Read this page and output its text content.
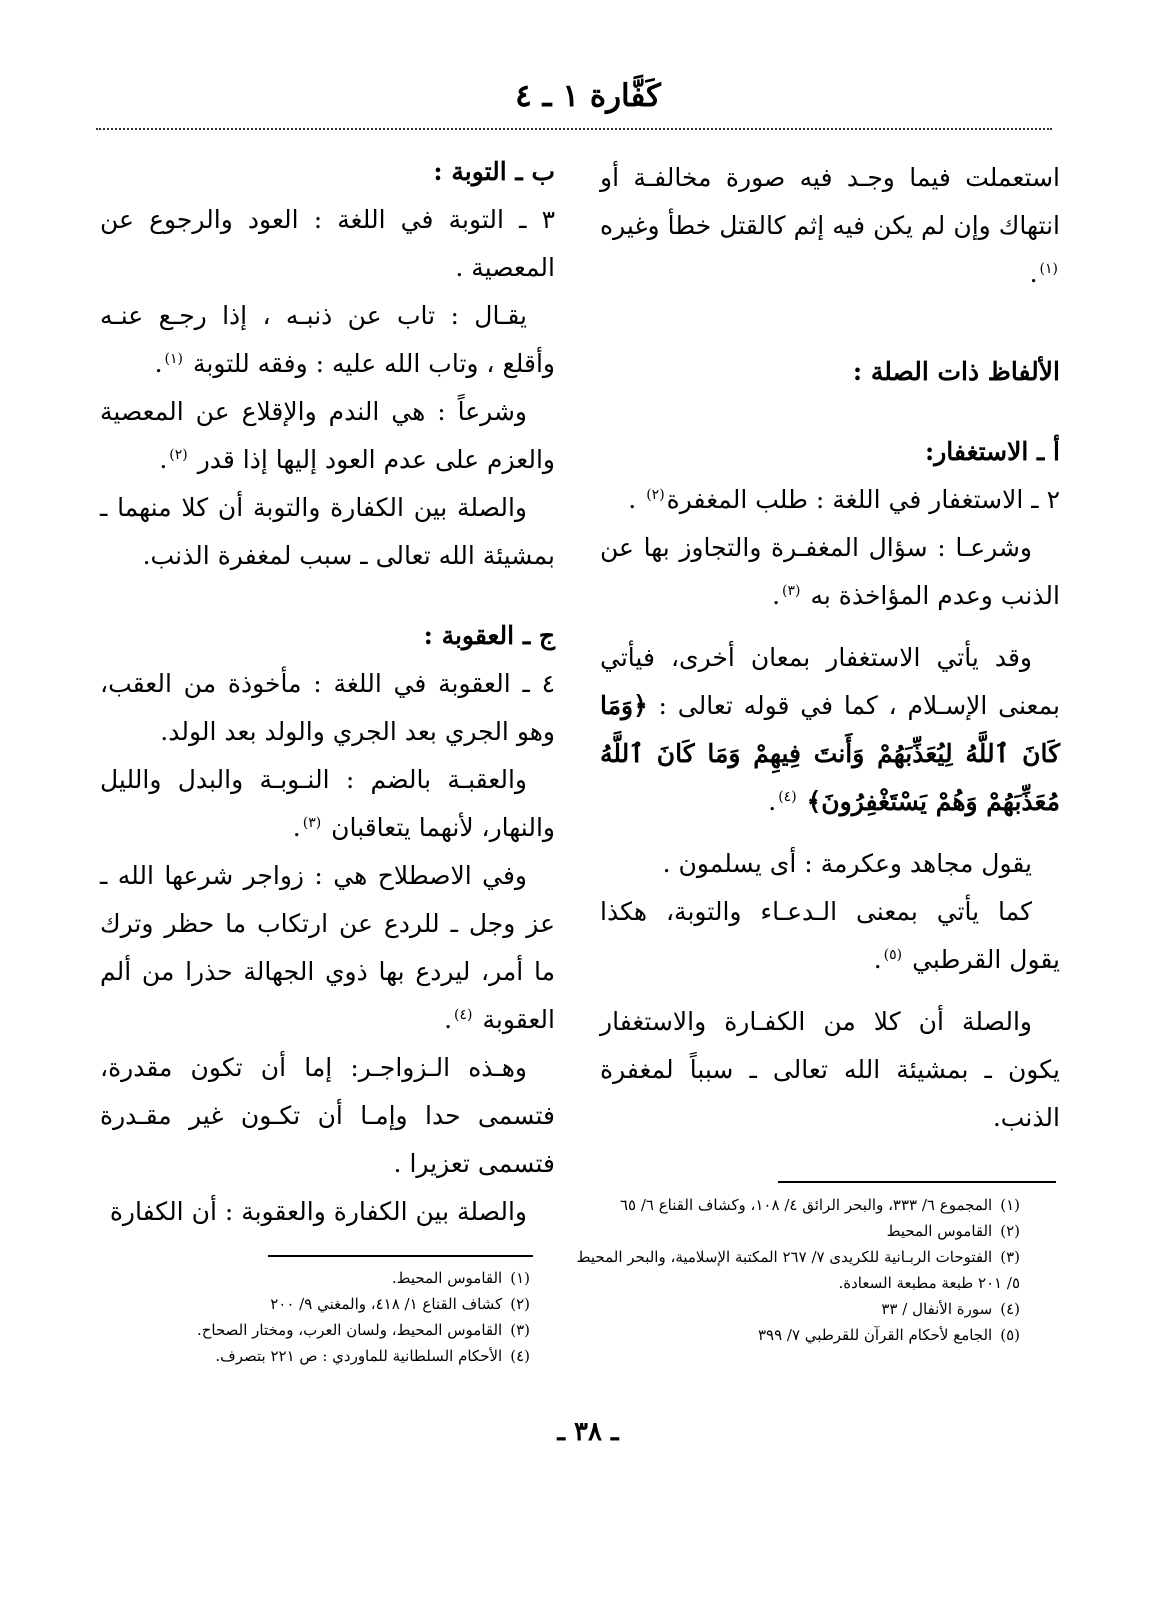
كَفَّارة ١ ـ ٤

استعملت فيما وجـد فيه صورة مخالفـة أو انتهاك وإن لم يكن فيه إثم كالقتل خطأ وغيره $^{(١)}$.

الألفاظ ذات الصلة :

أ ـ الاستغفار:

٢ ـ الاستغفار في اللغة : طلب المغفرة$^{(٢)}$ .

وشرعـا : سؤال المغفـرة والتجاوز بها عن الذنب وعدم المؤاخذة به $^{(٣)}$.

وقد يأتي الاستغفار بمعان أخرى، فيأتي بمعنى الإسـلام ، كما في قوله تعالى : ﴿وَمَا كَانَ ٱللَّهُ لِيُعَذِّبَهُمْ وَأَنتَ فِيهِمْ وَمَا كَانَ ٱللَّهُ مُعَذِّبَهُمْ وَهُمْ يَسْتَغْفِرُونَ﴾ $^{(٤)}$.

يقول مجاهد وعكرمة : أى يسلمون .

كما يأتي بمعنى الـدعـاء والتوبة، هكذا يقول القرطبي $^{(٥)}$.

والصلة أن كلا من الكفـارة والاستغفار يكون ـ بمشيئة الله تعالى ـ سبباً لمغفرة الذنب.

ب ـ التوبة :

٣ ـ التوبة في اللغة : العود والرجوع عن المعصية .

يقـال : تاب عن ذنبـه ، إذا رجـع عنـه وأقلع ، وتاب الله عليه : وفقه للتوبة $^{(١)}$.

وشرعاً : هي الندم والإقلاع عن المعصية والعزم على عدم العود إليها إذا قدر $^{(٢)}$.

والصلة بين الكفارة والتوبة أن كلا منهما ـ بمشيئة الله تعالى ـ سبب لمغفرة الذنب.

ج ـ العقوبة :

٤ ـ العقوبة في اللغة : مأخوذة من العقب، وهو الجري بعد الجري والولد بعد الولد.

والعقبـة بالضم : النـوبـة والبدل والليل والنهار، لأنهما يتعاقبان $^{(٣)}$.

وفي الاصطلاح هي : زواجر شرعها الله ـ عز وجل ـ للردع عن ارتكاب ما حظر وترك ما أمر، ليردع بها ذوي الجهالة حذرا من ألم العقوبة $^{(٤)}$.

وهـذه الـزواجـر: إما أن تكون مقدرة، فتسمى حدا وإمـا أن تكـون غير مقـدرة فتسمى تعزيرا .

والصلة بين الكفارة والعقوبة : أن الكفارة	(١)المجموع ٦/ ٣٣٣، والبحر الرائق ٤/ ١٠٨، وكشاف القناع ٦/ ٦٥
(٢)القاموس المحيط
(٣)الفتوحات الربـانية للكريدى ٧/ ٢٦٧ المكتبة الإسلامية، والبحر المحيط ٥/ ٢٠١ طبعة مطبعة السعادة.
(٤)سورة الأنفال / ٣٣
(٥)الجامع لأحكام القرآن للقرطبي ٧/ ٣٩٩
(١)القاموس المحيط.
(٢)كشاف القناع ١/ ٤١٨، والمغني ٩/ ٢٠٠
(٣)القاموس المحيط، ولسان العرب، ومختار الصحاح.
(٤)الأحكام السلطانية للماوردي : ص ٢٢١ بتصرف.
ـ ٣٨ ـ
